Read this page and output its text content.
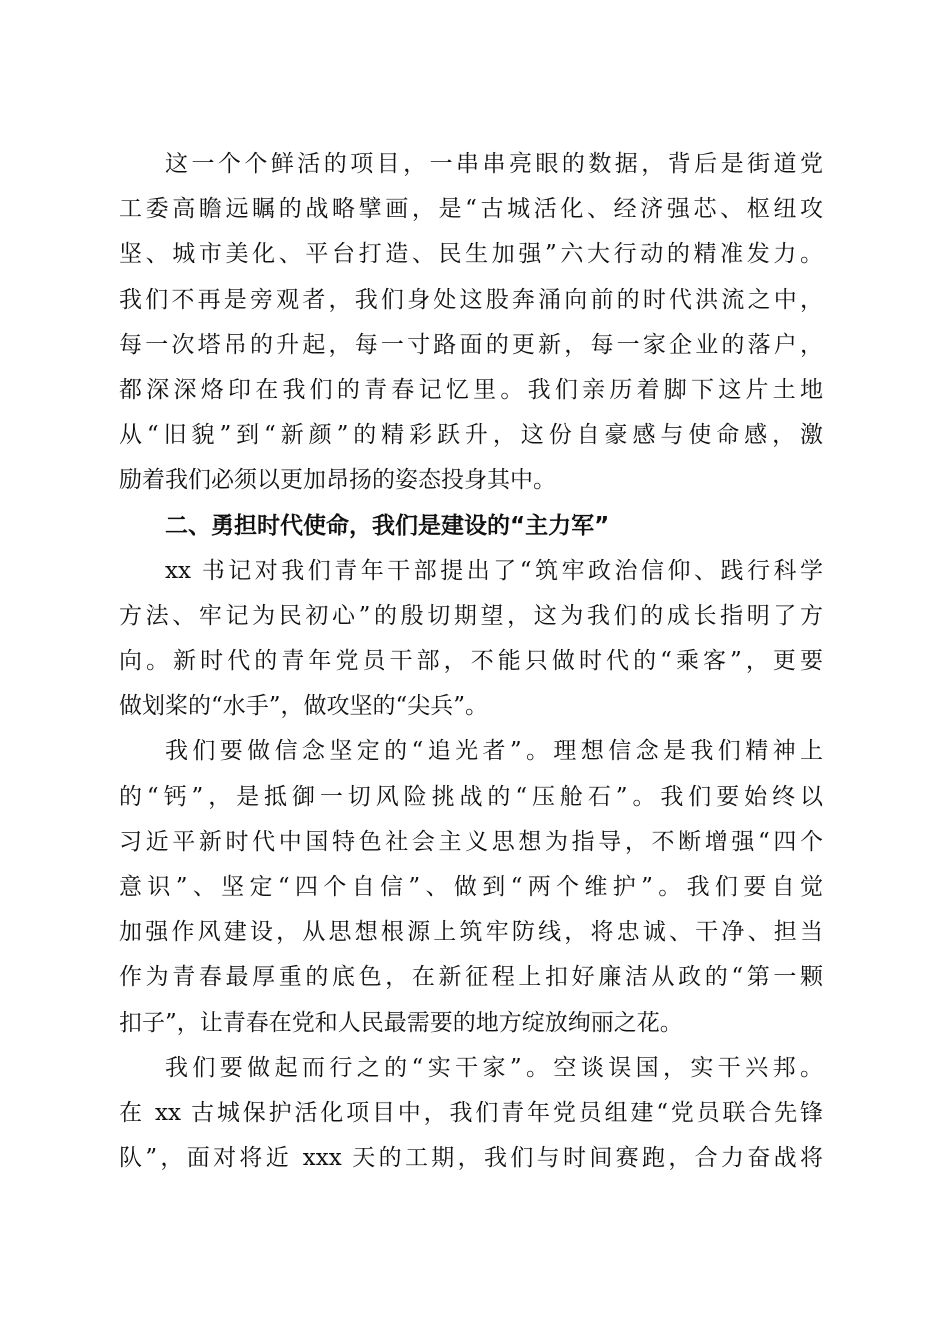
这一个个鲜活的项目，一串串亮眼的数据，背后是街道党
工委高瞻远瞩的战略擘画，是“古城活化、经济强芯、枢纽攻
坚、城市美化、平台打造、民生加强”六大行动的精准发力。
我们不再是旁观者，我们身处这股奔涌向前的时代洪流之中，
每一次塔吊的升起，每一寸路面的更新，每一家企业的落户，
都深深烙印在我们的青春记忆里。我们亲历着脚下这片土地
从“旧貌”到“新颜”的精彩跃升，这份自豪感与使命感，激
励着我们必须以更加昂扬的姿态投身其中。
二、勇担时代使命，我们是建设的“主力军”
xx 书记对我们青年干部提出了“筑牢政治信仰、践行科学
方法、牢记为民初心”的殷切期望，这为我们的成长指明了方
向。新时代的青年党员干部，不能只做时代的“乘客”，更要
做划桨的“水手”，做攻坚的“尖兵”。
我们要做信念坚定的“追光者”。理想信念是我们精神上
的“钙”，是抵御一切风险挑战的“压舱石”。我们要始终以
习近平新时代中国特色社会主义思想为指导，不断增强“四个
意识”、坚定“四个自信”、做到“两个维护”。我们要自觉
加强作风建设，从思想根源上筑牢防线，将忠诚、干净、担当
作为青春最厚重的底色，在新征程上扣好廉洁从政的“第一颗
扣子”，让青春在党和人民最需要的地方绽放绚丽之花。
我们要做起而行之的“实干家”。空谈误国，实干兴邦。
在 xx 古城保护活化项目中，我们青年党员组建“党员联合先锋
队”，面对将近 xxx 天的工期，我们与时间赛跑，合力奋战将
